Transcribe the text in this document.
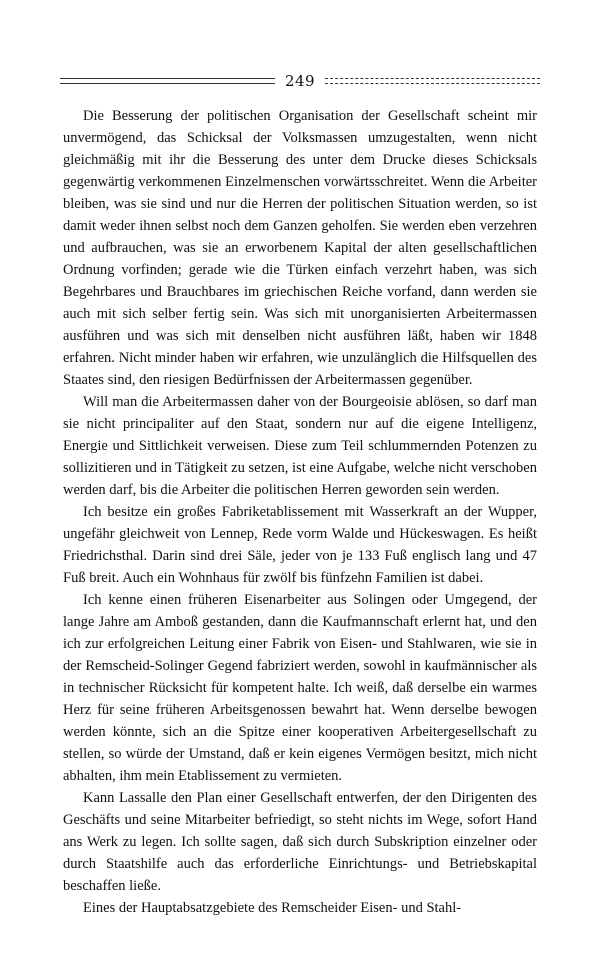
249

Die Besserung der politischen Organisation der Gesellschaft scheint mir unvermögend, das Schicksal der Volksmassen umzugestalten, wenn nicht gleichmäßig mit ihr die Besserung des unter dem Drucke dieses Schicksals gegenwärtig verkommenen Einzelmenschen vorwärtsschreitet. Wenn die Arbeiter bleiben, was sie sind und nur die Herren der politischen Situation werden, so ist damit weder ihnen selbst noch dem Ganzen geholfen. Sie werden eben verzehren und aufbrauchen, was sie an erworbenem Kapital der alten gesellschaftlichen Ordnung vorfinden; gerade wie die Türken einfach verzehrt haben, was sich Begehrbares und Brauchbares im griechischen Reiche vorfand, dann werden sie auch mit sich selber fertig sein. Was sich mit unorganisierten Arbeitermassen ausführen und was sich mit denselben nicht ausführen läßt, haben wir 1848 erfahren. Nicht minder haben wir erfahren, wie unzulänglich die Hilfsquellen des Staates sind, den riesigen Bedürfnissen der Arbeitermassen gegenüber.

Will man die Arbeitermassen daher von der Bourgeoisie ablösen, so darf man sie nicht principaliter auf den Staat, sondern nur auf die eigene Intelligenz, Energie und Sittlichkeit verweisen. Diese zum Teil schlummernden Potenzen zu sollizitieren und in Tätigkeit zu setzen, ist eine Aufgabe, welche nicht verschoben werden darf, bis die Arbeiter die politischen Herren geworden sein werden.

Ich besitze ein großes Fabriketablissement mit Wasserkraft an der Wupper, ungefähr gleichweit von Lennep, Rede vorm Walde und Hückeswagen. Es heißt Friedrichsthal. Darin sind drei Säle, jeder von je 133 Fuß englisch lang und 47 Fuß breit. Auch ein Wohnhaus für zwölf bis fünfzehn Familien ist dabei.

Ich kenne einen früheren Eisenarbeiter aus Solingen oder Umgegend, der lange Jahre am Amboß gestanden, dann die Kaufmannschaft erlernt hat, und den ich zur erfolgreichen Leitung einer Fabrik von Eisen- und Stahlwaren, wie sie in der Remscheid-Solinger Gegend fabriziert werden, sowohl in kaufmännischer als in technischer Rücksicht für kompetent halte. Ich weiß, daß derselbe ein warmes Herz für seine früheren Arbeitsgenossen bewahrt hat. Wenn derselbe bewogen werden könnte, sich an die Spitze einer kooperativen Arbeitergesellschaft zu stellen, so würde der Umstand, daß er kein eigenes Vermögen besitzt, mich nicht abhalten, ihm mein Etablissement zu vermieten.

Kann Lassalle den Plan einer Gesellschaft entwerfen, der den Dirigenten des Geschäfts und seine Mitarbeiter befriedigt, so steht nichts im Wege, sofort Hand ans Werk zu legen. Ich sollte sagen, daß sich durch Subskription einzelner oder durch Staatshilfe auch das erforderliche Einrichtungs- und Betriebskapital beschaffen ließe.

Eines der Hauptabsatzgebiete des Remscheider Eisen- und Stahl-
